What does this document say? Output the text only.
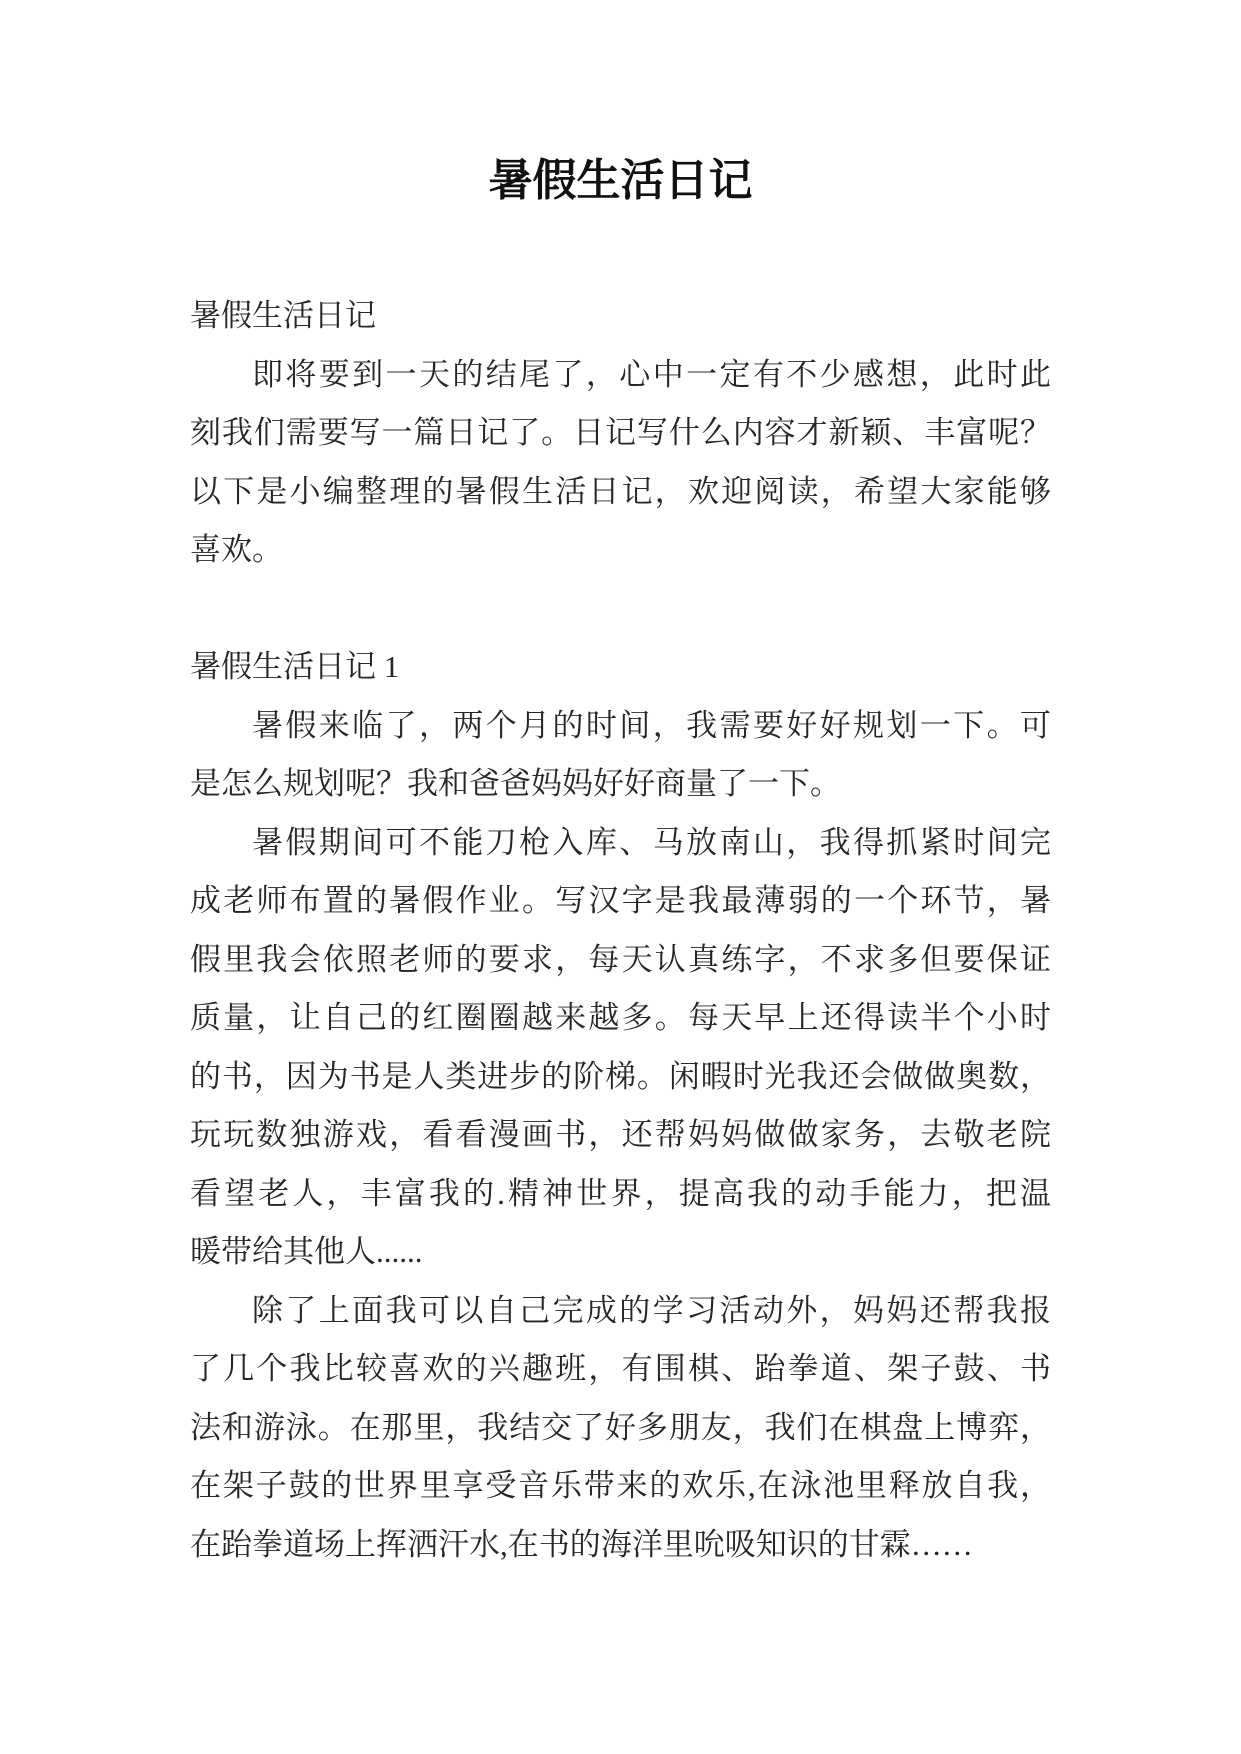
暑假生活日记
暑假生活日记

即将要到一天的结尾了，心中一定有不少感想，此时此
刻我们需要写一篇日记了。日记写什么内容才新颖、丰富呢？
以下是小编整理的暑假生活日记，欢迎阅读，希望大家能够
喜欢。

暑假生活日记 1

暑假来临了，两个月的时间，我需要好好规划一下。可
是怎么规划呢？我和爸爸妈妈好好商量了一下。

暑假期间可不能刀枪入库、马放南山，我得抓紧时间完
成老师布置的暑假作业。写汉字是我最薄弱的一个环节，暑
假里我会依照老师的要求，每天认真练字，不求多但要保证
质量，让自己的红圈圈越来越多。每天早上还得读半个小时
的书，因为书是人类进步的阶梯。闲暇时光我还会做做奥数，
玩玩数独游戏，看看漫画书，还帮妈妈做做家务，去敬老院
看望老人，丰富我的.精神世界，提高我的动手能力，把温
暖带给其他人......

除了上面我可以自己完成的学习活动外，妈妈还帮我报
了几个我比较喜欢的兴趣班，有围棋、跆拳道、架子鼓、书
法和游泳。在那里，我结交了好多朋友，我们在棋盘上博弈，
在架子鼓的世界里享受音乐带来的欢乐,在泳池里释放自我，
在跆拳道场上挥洒汗水,在书的海洋里吮吸知识的甘霖……
